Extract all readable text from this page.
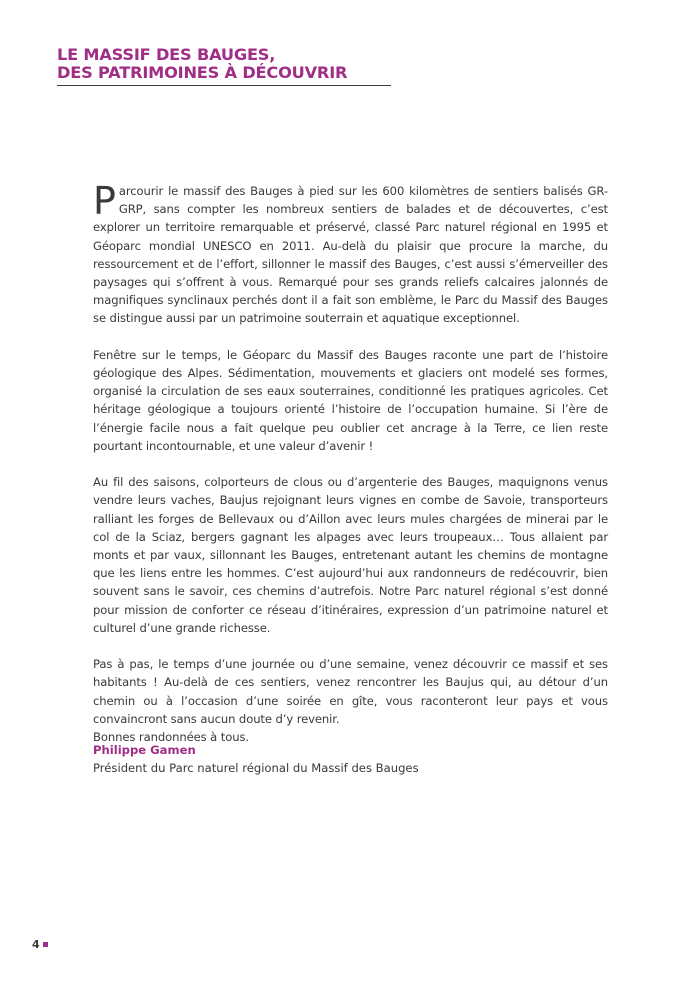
LE MASSIF DES BAUGES,
DES PATRIMOINES À DÉCOUVRIR

Parcourir le massif des Bauges à pied sur les 600 kilomètres de sentiers balisés GR-GRP, sans compter les nombreux sentiers de balades et de découvertes, c’est explorer un territoire remarquable et préservé, classé Parc naturel régional en 1995 et Géoparc mondial UNESCO en 2011. Au-delà du plaisir que procure la marche, du ressourcement et de l’effort, sillonner le massif des Bauges, c’est aussi s’émerveiller des paysages qui s’offrent à vous. Remarqué pour ses grands reliefs calcaires jalonnés de magnifiques synclinaux perchés dont il a fait son emblème, le Parc du Massif des Bauges se distingue aussi par un patrimoine souterrain et aquatique exceptionnel.

Fenêtre sur le temps, le Géoparc du Massif des Bauges raconte une part de l’histoire géologique des Alpes. Sédimentation, mouvements et glaciers ont modelé ses formes, organisé la circulation de ses eaux souterraines, conditionné les pratiques agricoles. Cet héritage géologique a toujours orienté l’histoire de l’occupation humaine. Si l’ère de l’énergie facile nous a fait quelque peu oublier cet ancrage à la Terre, ce lien reste pourtant incontournable, et une valeur d’avenir !

Au fil des saisons, colporteurs de clous ou d’argenterie des Bauges, maquignons venus vendre leurs vaches, Baujus rejoignant leurs vignes en combe de Savoie, transporteurs ralliant les forges de Bellevaux ou d’Aillon avec leurs mules chargées de minerai par le col de la Sciaz, bergers gagnant les alpages avec leurs troupeaux… Tous allaient par monts et par vaux, sillonnant les Bauges, entretenant autant les chemins de montagne que les liens entre les hommes. C’est aujourd’hui aux randonneurs de redécouvrir, bien souvent sans le savoir, ces chemins d’autrefois. Notre Parc naturel régional s’est donné pour mission de conforter ce réseau d’itinéraires, expression d’un patrimoine naturel et culturel d’une grande richesse.

Pas à pas, le temps d’une journée ou d’une semaine, venez découvrir ce massif et ses habitants ! Au-delà de ces sentiers, venez rencontrer les Baujus qui, au détour d’un chemin ou à l’occasion d’une soirée en gîte, vous raconteront leur pays et vous convaincront sans aucun doute d’y revenir.
Bonnes randonnées à tous.

Philippe Gamen
Président du Parc naturel régional du Massif des Bauges
4
